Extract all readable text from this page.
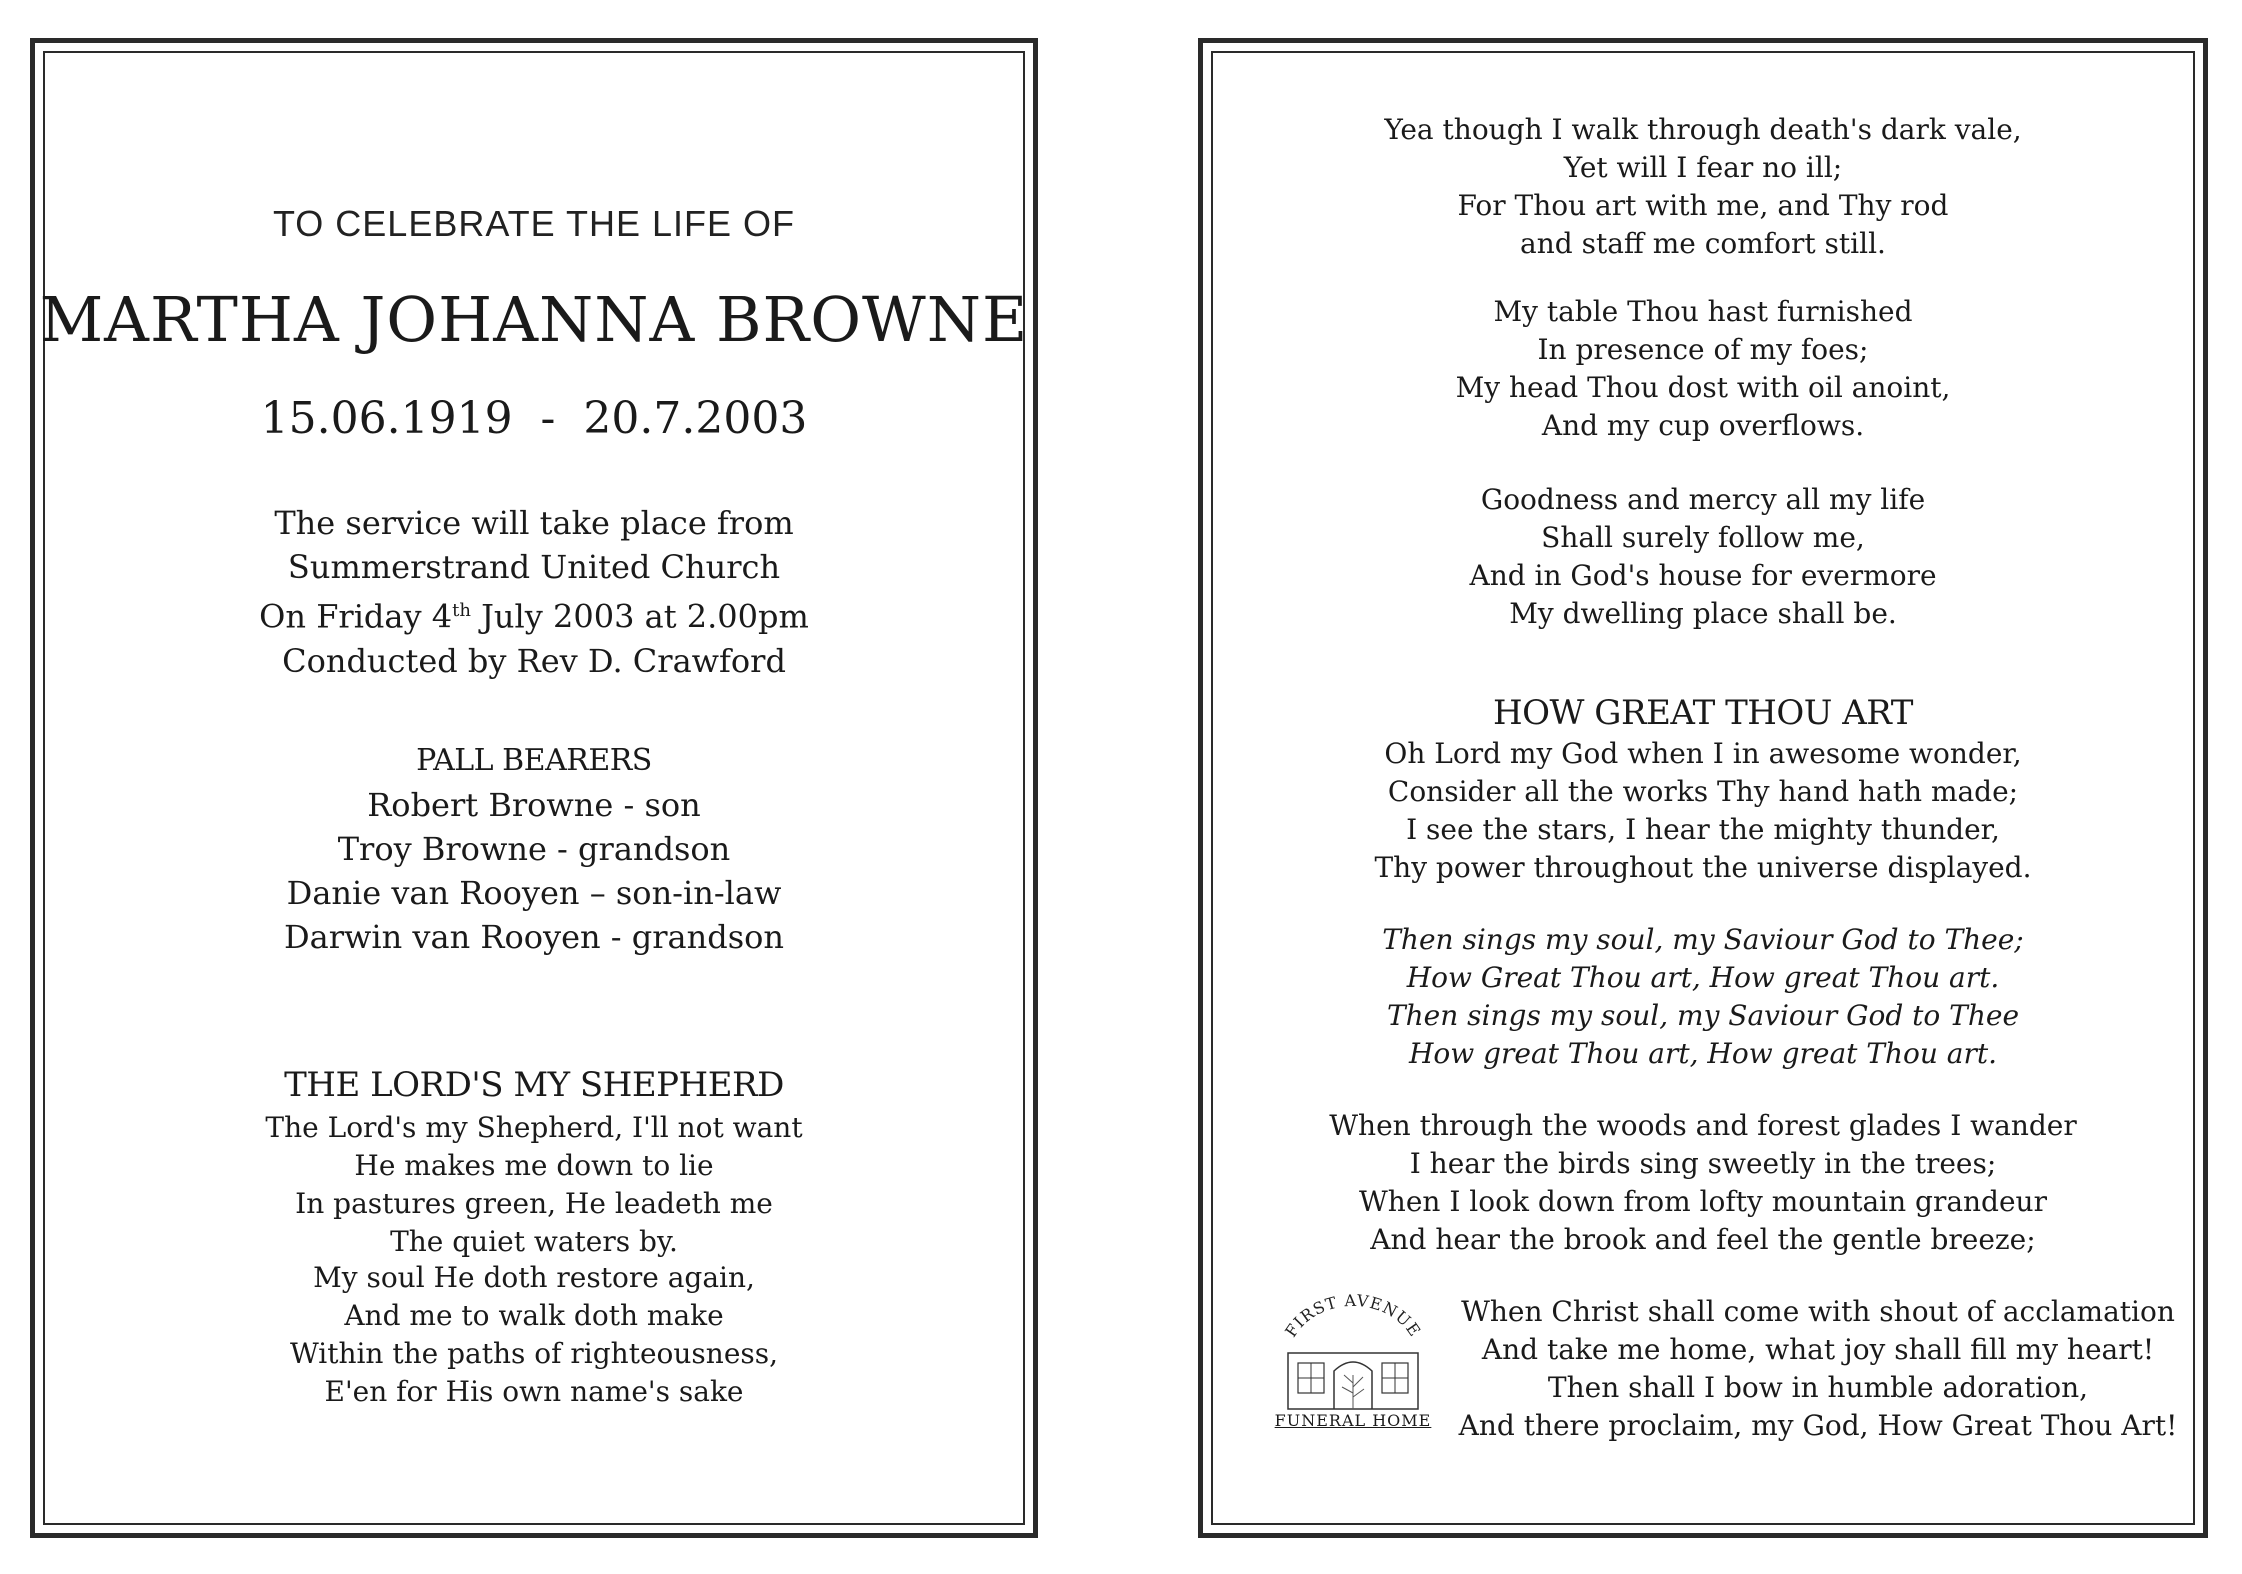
TO CELEBRATE THE LIFE OF
MARTHA JOHANNA BROWNE
15.06.1919  -  20.7.2003
The service will take place from
Summerstrand United Church
On Friday 4th July 2003 at 2.00pm
Conducted by Rev D. Crawford
PALL BEARERS
Robert Browne - son
Troy Browne - grandson
Danie van Rooyen – son-in-law
Darwin van Rooyen - grandson
THE LORD'S MY SHEPHERD
The Lord's my Shepherd, I'll not want
He makes me down to lie
In pastures green, He leadeth me
The quiet waters by.
My soul He doth restore again,
And me to walk doth make
Within the paths of righteousness,
E'en for His own name's sake
Yea though I walk through death's dark vale,
Yet will I fear no ill;
For Thou art with me, and Thy rod
and staff me comfort still.
My table Thou hast furnished
In presence of my foes;
My head Thou dost with oil anoint,
And my cup overflows.
Goodness and mercy all my life
Shall surely follow me,
And in God's house for evermore
My dwelling place shall be.
HOW GREAT THOU ART
Oh Lord my God when I in awesome wonder,
Consider all the works Thy hand hath made;
I see the stars, I hear the mighty thunder,
Thy power throughout the universe displayed.
Then sings my soul, my Saviour God to Thee;
How Great Thou art, How great Thou art.
Then sings my soul, my Saviour God to Thee
How great Thou art, How great Thou art.
When through the woods and forest glades I wander
I hear the birds sing sweetly in the trees;
When I look down from lofty mountain grandeur
And hear the brook and feel the gentle breeze;
When Christ shall come with shout of acclamation
And take me home, what joy shall fill my heart!
Then shall I bow in humble adoration,
And there proclaim, my God, How Great Thou Art!
FIRST AVENUE
FUNERAL HOME
